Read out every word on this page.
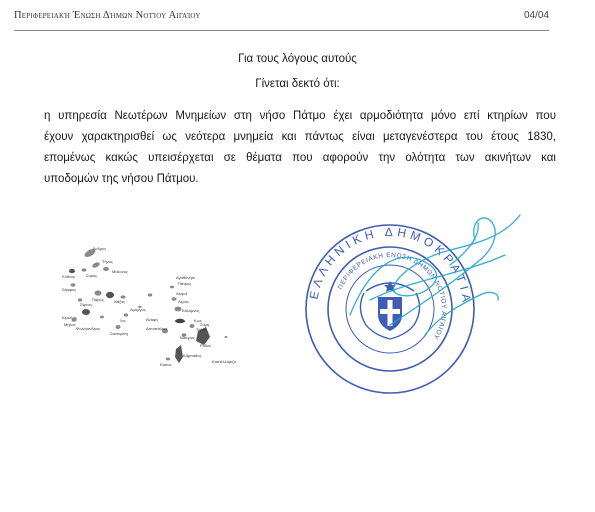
Περιφερειακή Ένωση Δήμων Νοτίου Αιγαίου	04/04
Για τους λόγους αυτούς
Γίνεται δεκτό ότι:
η υπηρεσία Νεωτέρων Μνημείων στη νήσο Πάτμο έχει αρμοδιότητα μόνο επί κτηρίων που
έχουν χαρακτηρισθεί ως νεότερα μνημεία και πάντως είναι μεταγενέστερα του έτους 1830,
επομένως κακώς υπεισέρχεται σε θέματα που αφορούν την ολότητα των ακινήτων και
υποδομών της νήσου Πάτμου.
Άνδρος
Τήνος
Μύκονος
Σύρος
Κύθνος
Σέριφος
Νάξος
Πάρος
Σίφνος
Μήλος
Ίος
Σαντορίνη
Αμοργός
Πάτμος
Λέρος
Κάλυμνος
Κως
Νίσυρος
Τήλος
Σύμη
Ρόδος
Κάρπαθος
Κάσος
Αστυπάλαια
Αγαθονήσι
Λειψοί
Φολέγανδρος
Κίμωλος
Καστελλόριζο
Ανάφη
ΕΛΛΗΝΙΚΗ ΔΗΜΟΚΡΑΤΙΑ
ΠΕΡΙΦΕΡΕΙΑΚΗ ΕΝΩΣΗ ΔΗΜΩΝ ΝΟΤΙΟΥ ΑΙΓΑΙΟΥ
